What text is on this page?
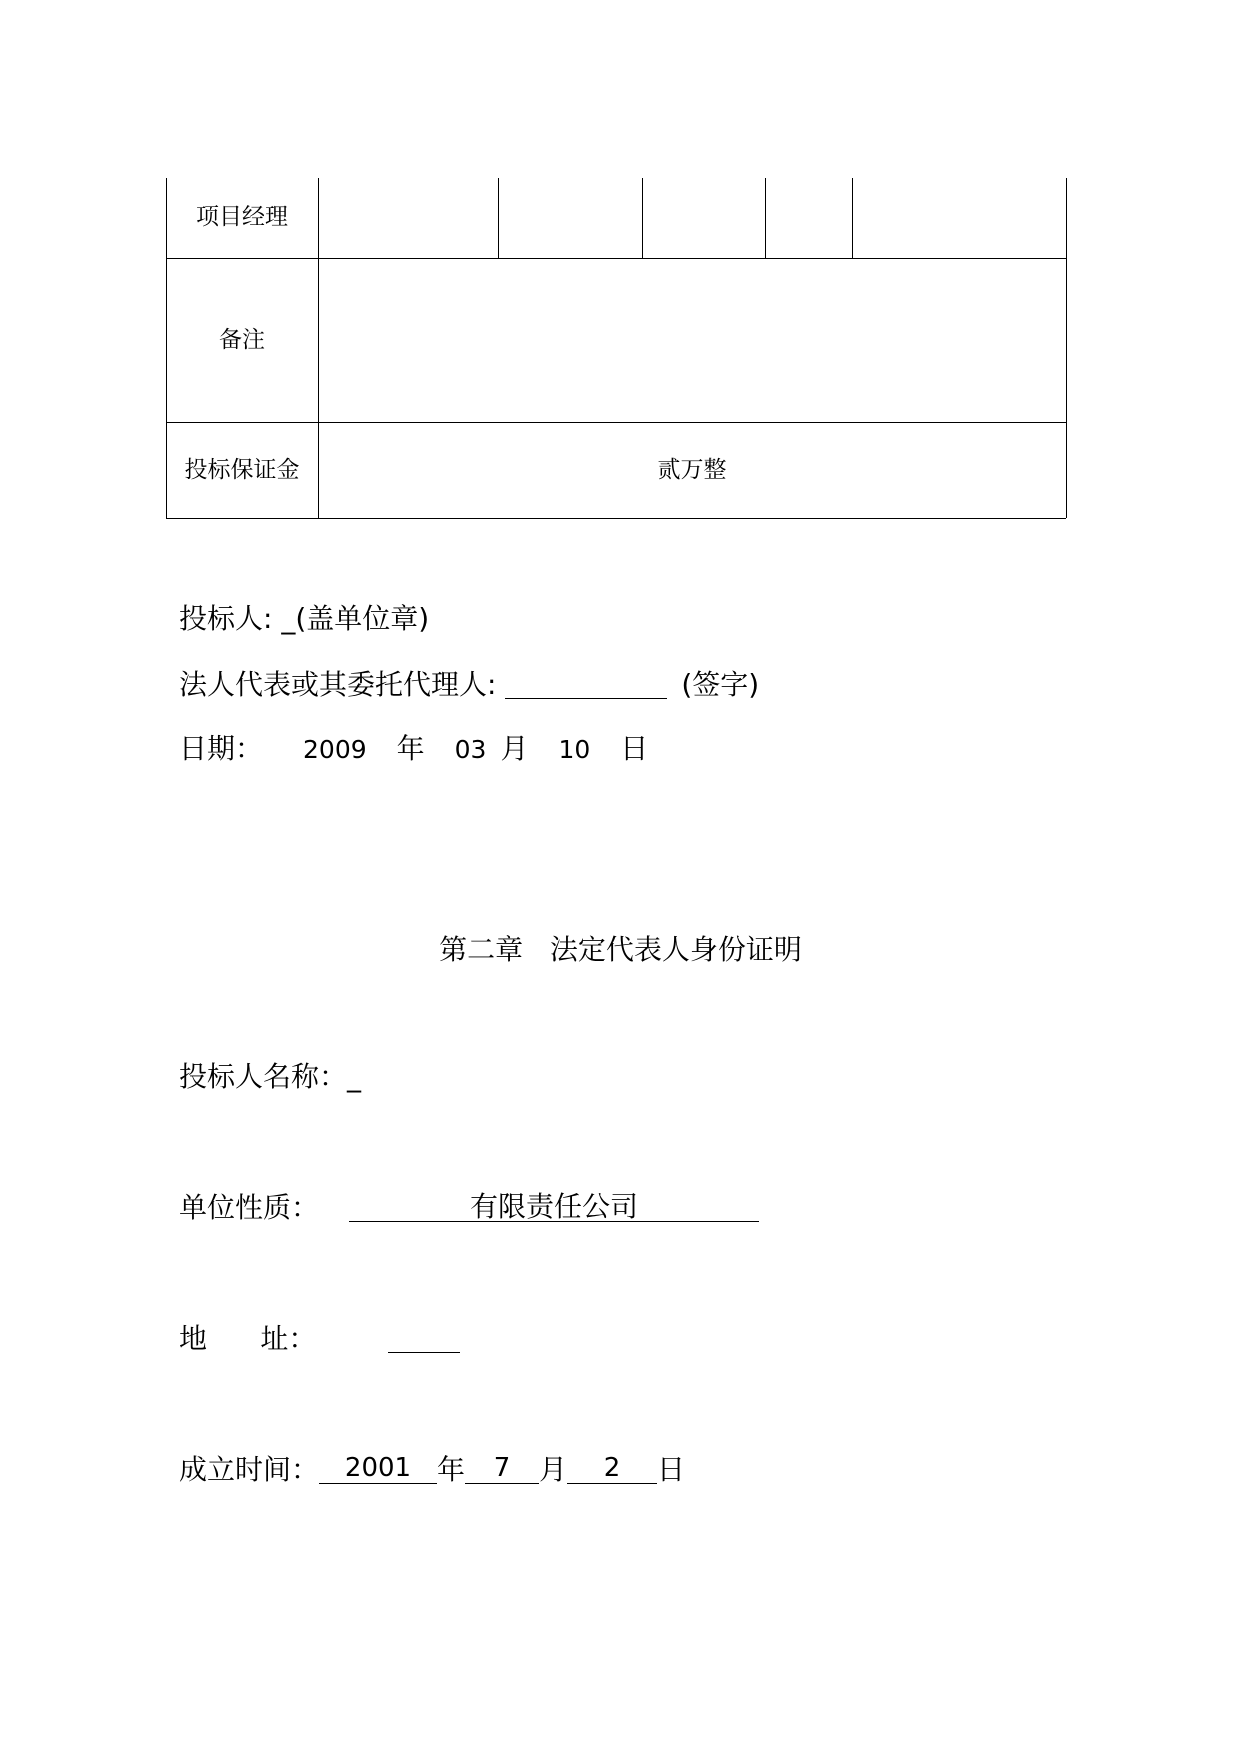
项目经理
备注
投标保证金	贰万整
投标人: _(盖单位章)
法人代表或其委托代理人:	(签字)
日期： 2009 年 03 月 10 日
第二章   法定代表人身份证明
投标人名称：_
单位性质：	有限责任公司
地      址：
成立时间： 2001 年 7 月 2 日
